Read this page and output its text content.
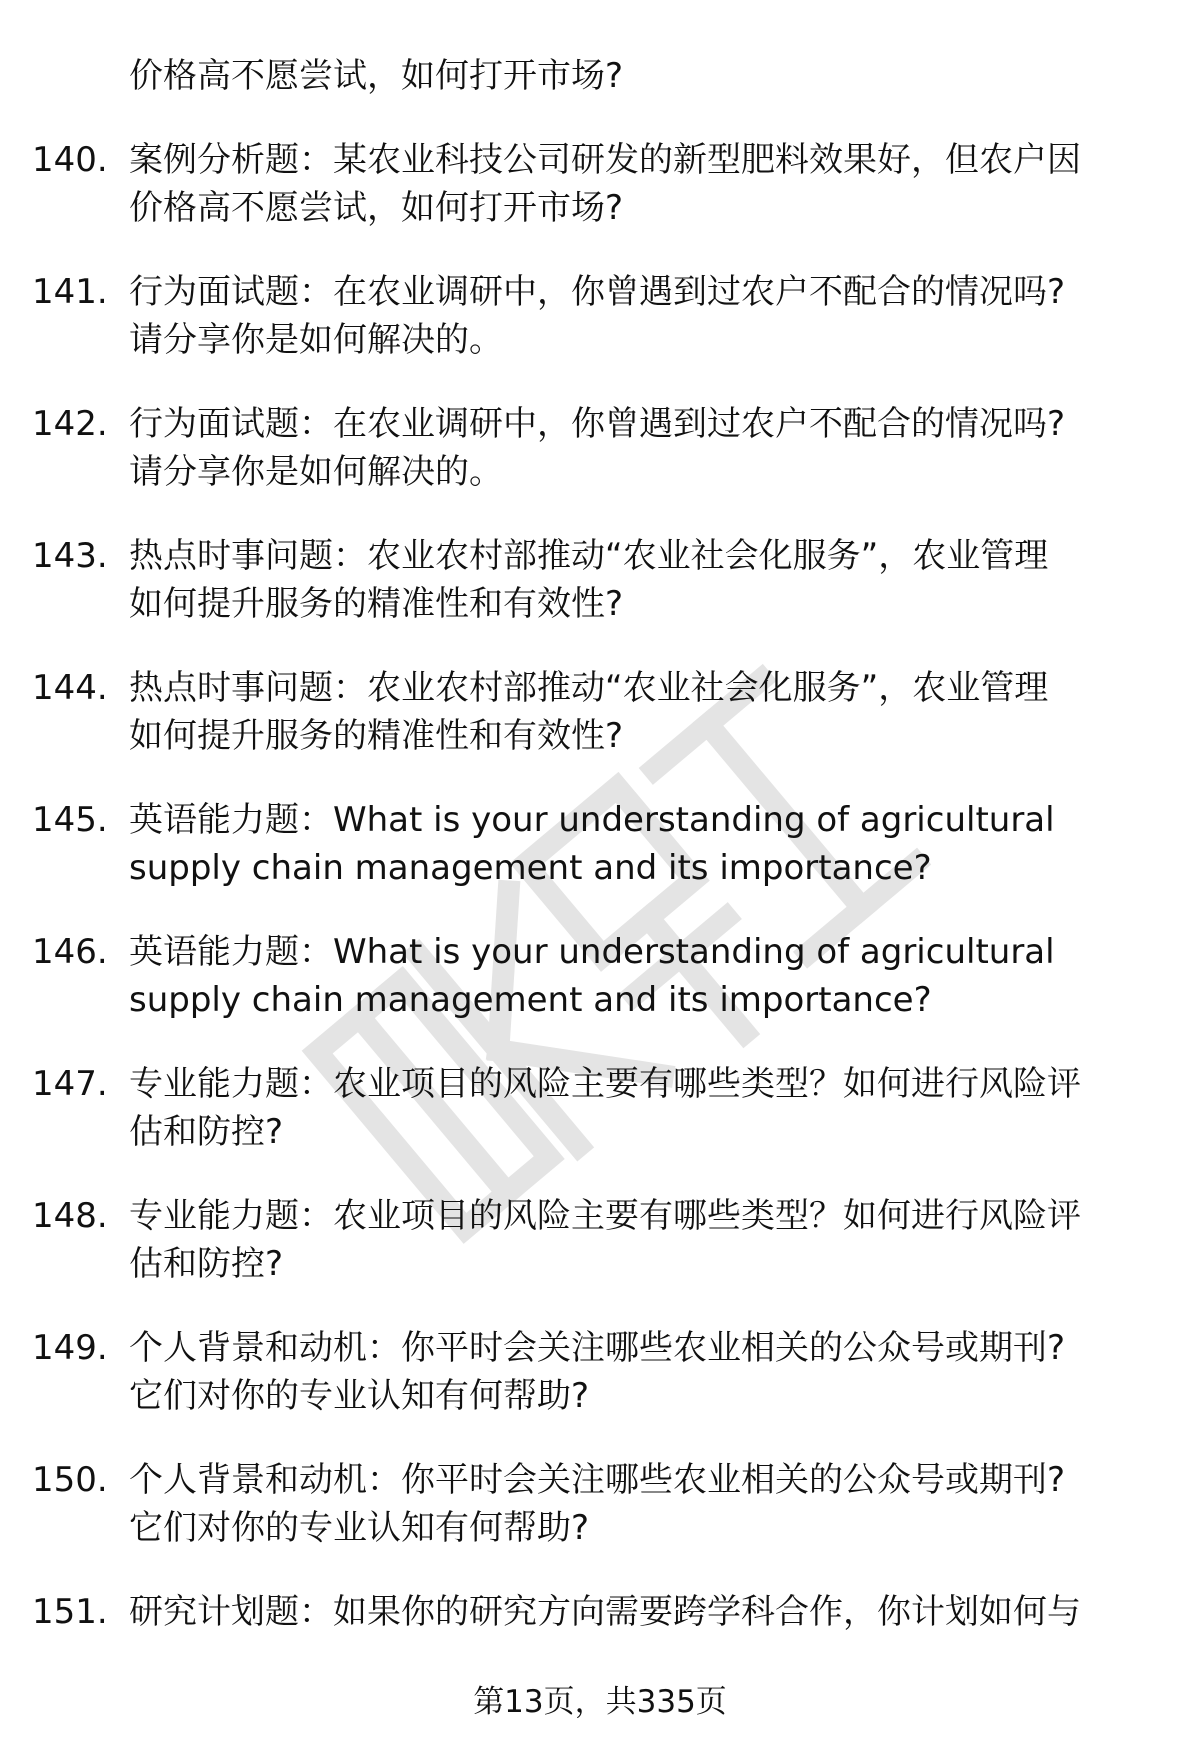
价格高不愿尝试，如何打开市场?
140. 案例分析题：某农业科技公司研发的新型肥料效果好，但农户因
价格高不愿尝试，如何打开市场?
141. 行为面试题：在农业调研中，你曾遇到过农户不配合的情况吗?
请分享你是如何解决的。
142. 行为面试题：在农业调研中，你曾遇到过农户不配合的情况吗?
请分享你是如何解决的。
143. 热点时事问题：农业农村部推动“农业社会化服务”，农业管理
如何提升服务的精准性和有效性?
144. 热点时事问题：农业农村部推动“农业社会化服务”，农业管理
如何提升服务的精准性和有效性?
145. 英语能力题：What is your understanding of agricultural
supply chain management and its importance?
146. 英语能力题：What is your understanding of agricultural
supply chain management and its importance?
147. 专业能力题：农业项目的风险主要有哪些类型？如何进行风险评
估和防控?
148. 专业能力题：农业项目的风险主要有哪些类型？如何进行风险评
估和防控?
149. 个人背景和动机：你平时会关注哪些农业相关的公众号或期刊?
它们对你的专业认知有何帮助?
150. 个人背景和动机：你平时会关注哪些农业相关的公众号或期刊?
它们对你的专业认知有何帮助?
151. 研究计划题：如果你的研究方向需要跨学科合作，你计划如何与
第13页，共335页
